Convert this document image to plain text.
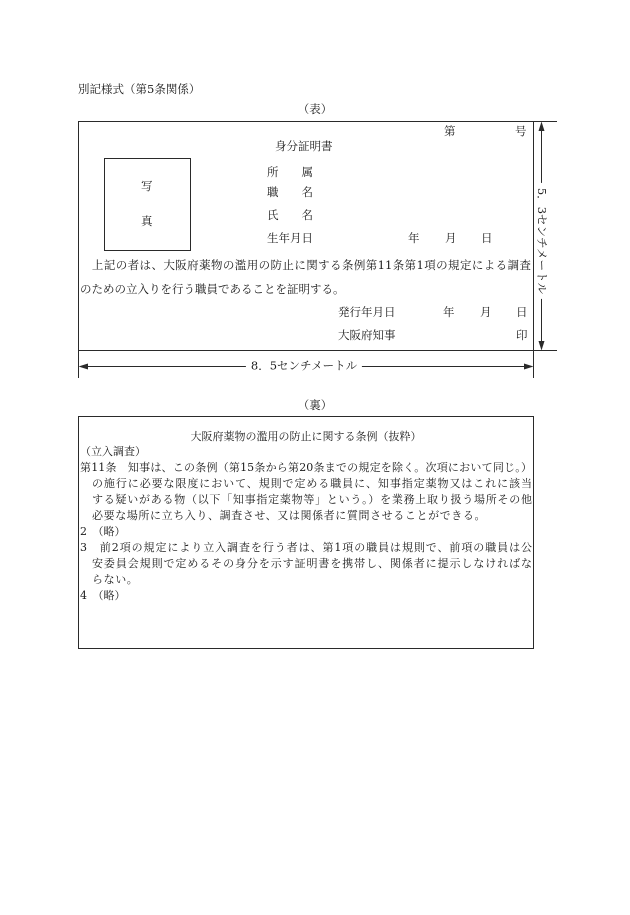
別記様式（第5条関係）
（表）
第	号
身分証明書
写
真
所　　属
職　　名
氏　　名
生年月日	年 月 日
　上記の者は、大阪府薬物の濫用の防止に関する条例第11条第1項の規定による調査
のための立入りを行う職員であることを証明する。
発行年月日	年 月 日
大阪府知事	印
8．5センチメートル
5．3センチメートル
（裏）
大阪府薬物の濫用の防止に関する条例（抜粋）
（立入調査）
第11条　知事は、この条例（第15条から第20条までの規定を除く。次項において同じ。）
の施行に必要な限度において、規則で定める職員に、知事指定薬物又はこれに該当
する疑いがある物（以下「知事指定薬物等」という。）を業務上取り扱う場所その他
必要な場所に立ち入り、調査させ、又は関係者に質問させることができる。
2　（略）
3　前2項の規定により立入調査を行う者は、第1項の職員は規則で、前項の職員は公
安委員会規則で定めるその身分を示す証明書を携帯し、関係者に提示しなければな
らない。
4　（略）
